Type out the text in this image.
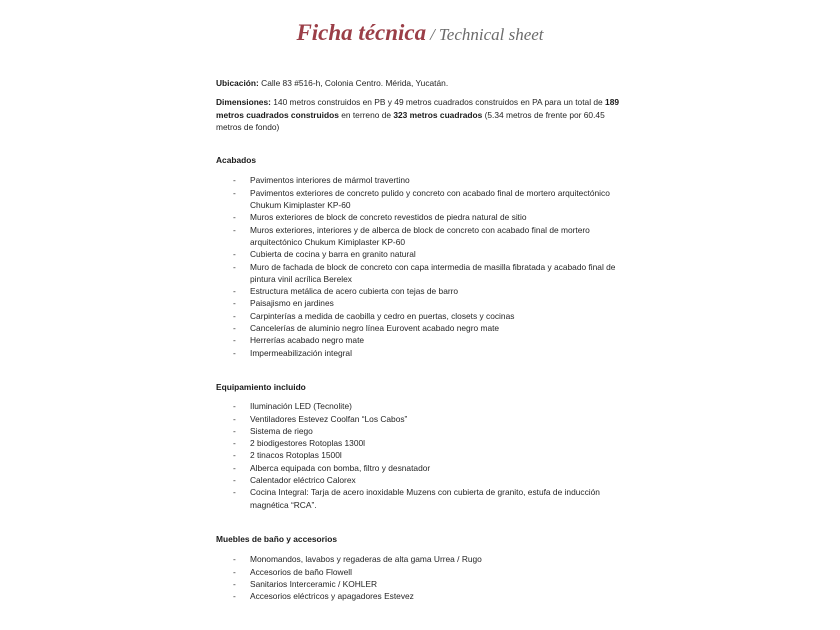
Ficha técnica / Technical sheet

Ubicación: Calle 83 #516-h, Colonia Centro. Mérida, Yucatán.

Dimensiones: 140 metros construidos en PB y 49 metros cuadrados construidos en PA para un total de 189 metros cuadrados construidos en terreno de 323 metros cuadrados (5.34 metros de frente por 60.45 metros de fondo)

Acabados

- Pavimentos interiores de mármol travertino
- Pavimentos exteriores de concreto pulido y concreto con acabado final de mortero arquitectónico Chukum Kimiplaster KP-60
- Muros exteriores de block de concreto revestidos de piedra natural de sitio
- Muros exteriores, interiores y de alberca de block de concreto con acabado final de mortero arquitectónico Chukum Kimiplaster KP-60
- Cubierta de cocina y barra en granito natural
- Muro de fachada de block de concreto con capa intermedia de masilla fibratada y acabado final de pintura vinil acrílica Berelex
- Estructura metálica de acero cubierta con tejas de barro
- Paisajismo en jardines
- Carpinterías a medida de caobilla y cedro en puertas, closets y cocinas
- Cancelerías de aluminio negro línea Eurovent acabado negro mate
- Herrerías acabado negro mate
- Impermeabilización integral

Equipamiento incluido

- Iluminación LED (Tecnolite)
- Ventiladores Estevez Coolfan “Los Cabos”
- Sistema de riego
- 2 biodigestores Rotoplas 1300l
- 2 tinacos Rotoplas 1500l
- Alberca equipada con bomba, filtro y desnatador
- Calentador eléctrico Calorex
- Cocina Integral: Tarja de acero inoxidable Muzens con cubierta de granito, estufa de inducción magnética “RCA”.

Muebles de baño y accesorios

- Monomandos, lavabos y regaderas de alta gama Urrea / Rugo
- Accesorios de baño Flowell
- Sanitarios Interceramic / KOHLER
- Accesorios eléctricos y apagadores Estevez
